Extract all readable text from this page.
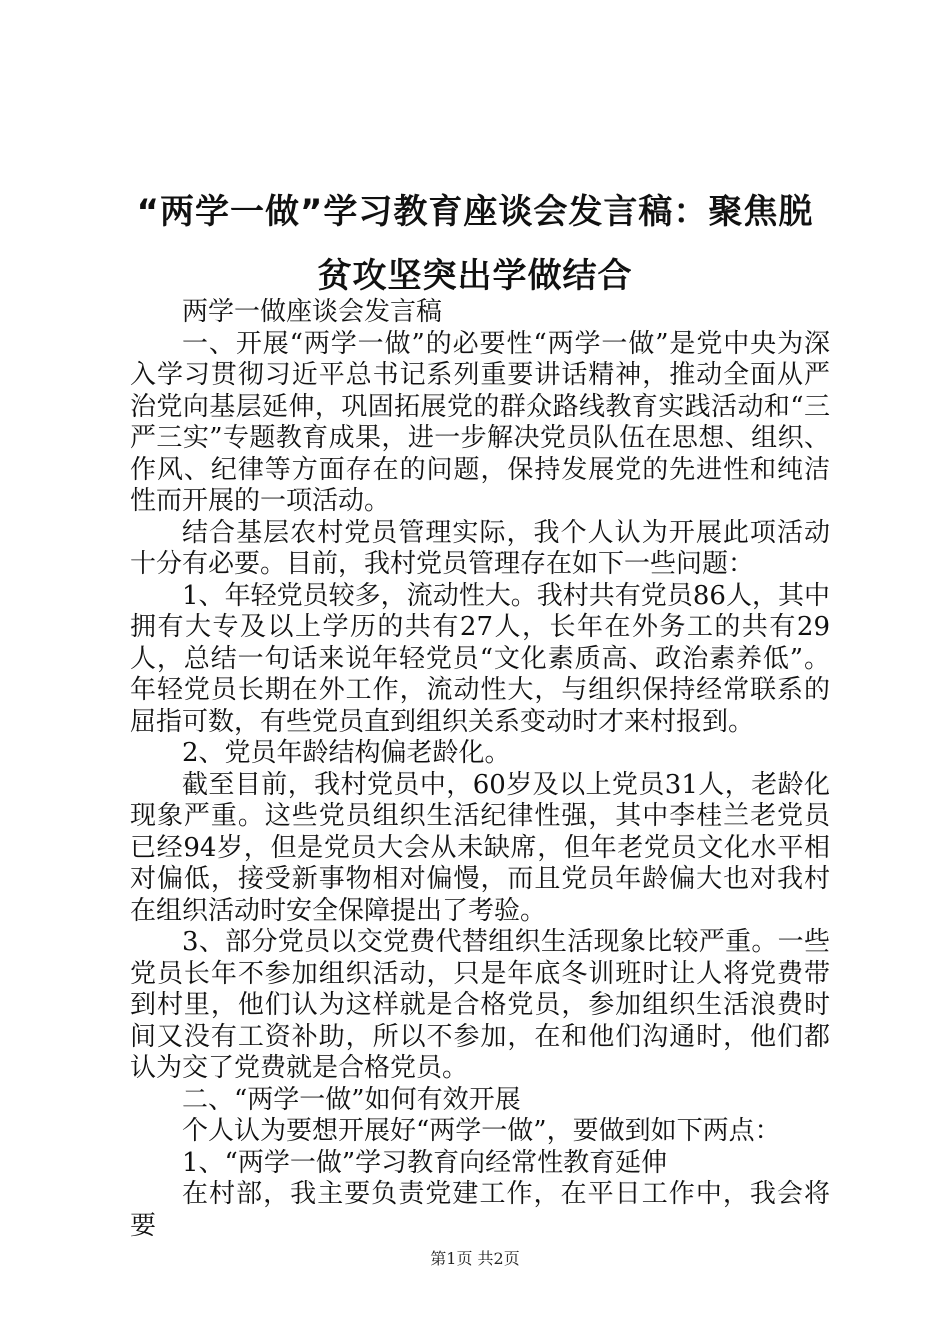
“两学一做”学习教育座谈会发言稿：聚焦脱
贫攻坚突出学做结合

两学一做座谈会发言稿

一、开展“两学一做”的必要性“两学一做”是党中央为深入学习贯彻习近平总书记系列重要讲话精神，推动全面从严治党向基层延伸，巩固拓展党的群众路线教育实践活动和“三严三实”专题教育成果，进一步解决党员队伍在思想、组织、作风、纪律等方面存在的问题，保持发展党的先进性和纯洁性而开展的一项活动。

结合基层农村党员管理实际，我个人认为开展此项活动十分有必要。目前，我村党员管理存在如下一些问题：

1、年轻党员较多，流动性大。我村共有党员86人，其中拥有大专及以上学历的共有27人，长年在外务工的共有29人，总结一句话来说年轻党员“文化素质高、政治素养低”。年轻党员长期在外工作，流动性大，与组织保持经常联系的屈指可数，有些党员直到组织关系变动时才来村报到。

2、党员年龄结构偏老龄化。

截至目前，我村党员中，60岁及以上党员31人，老龄化现象严重。这些党员组织生活纪律性强，其中李桂兰老党员已经94岁，但是党员大会从未缺席，但年老党员文化水平相对偏低，接受新事物相对偏慢，而且党员年龄偏大也对我村在组织活动时安全保障提出了考验。

3、部分党员以交党费代替组织生活现象比较严重。一些党员长年不参加组织活动，只是年底冬训班时让人将党费带到村里，他们认为这样就是合格党员，参加组织生活浪费时间又没有工资补助，所以不参加，在和他们沟通时，他们都认为交了党费就是合格党员。

二、“两学一做”如何有效开展

个人认为要想开展好“两学一做”，要做到如下两点：

1、“两学一做”学习教育向经常性教育延伸

在村部，我主要负责党建工作，在平日工作中，我会将要

第1页 共2页
